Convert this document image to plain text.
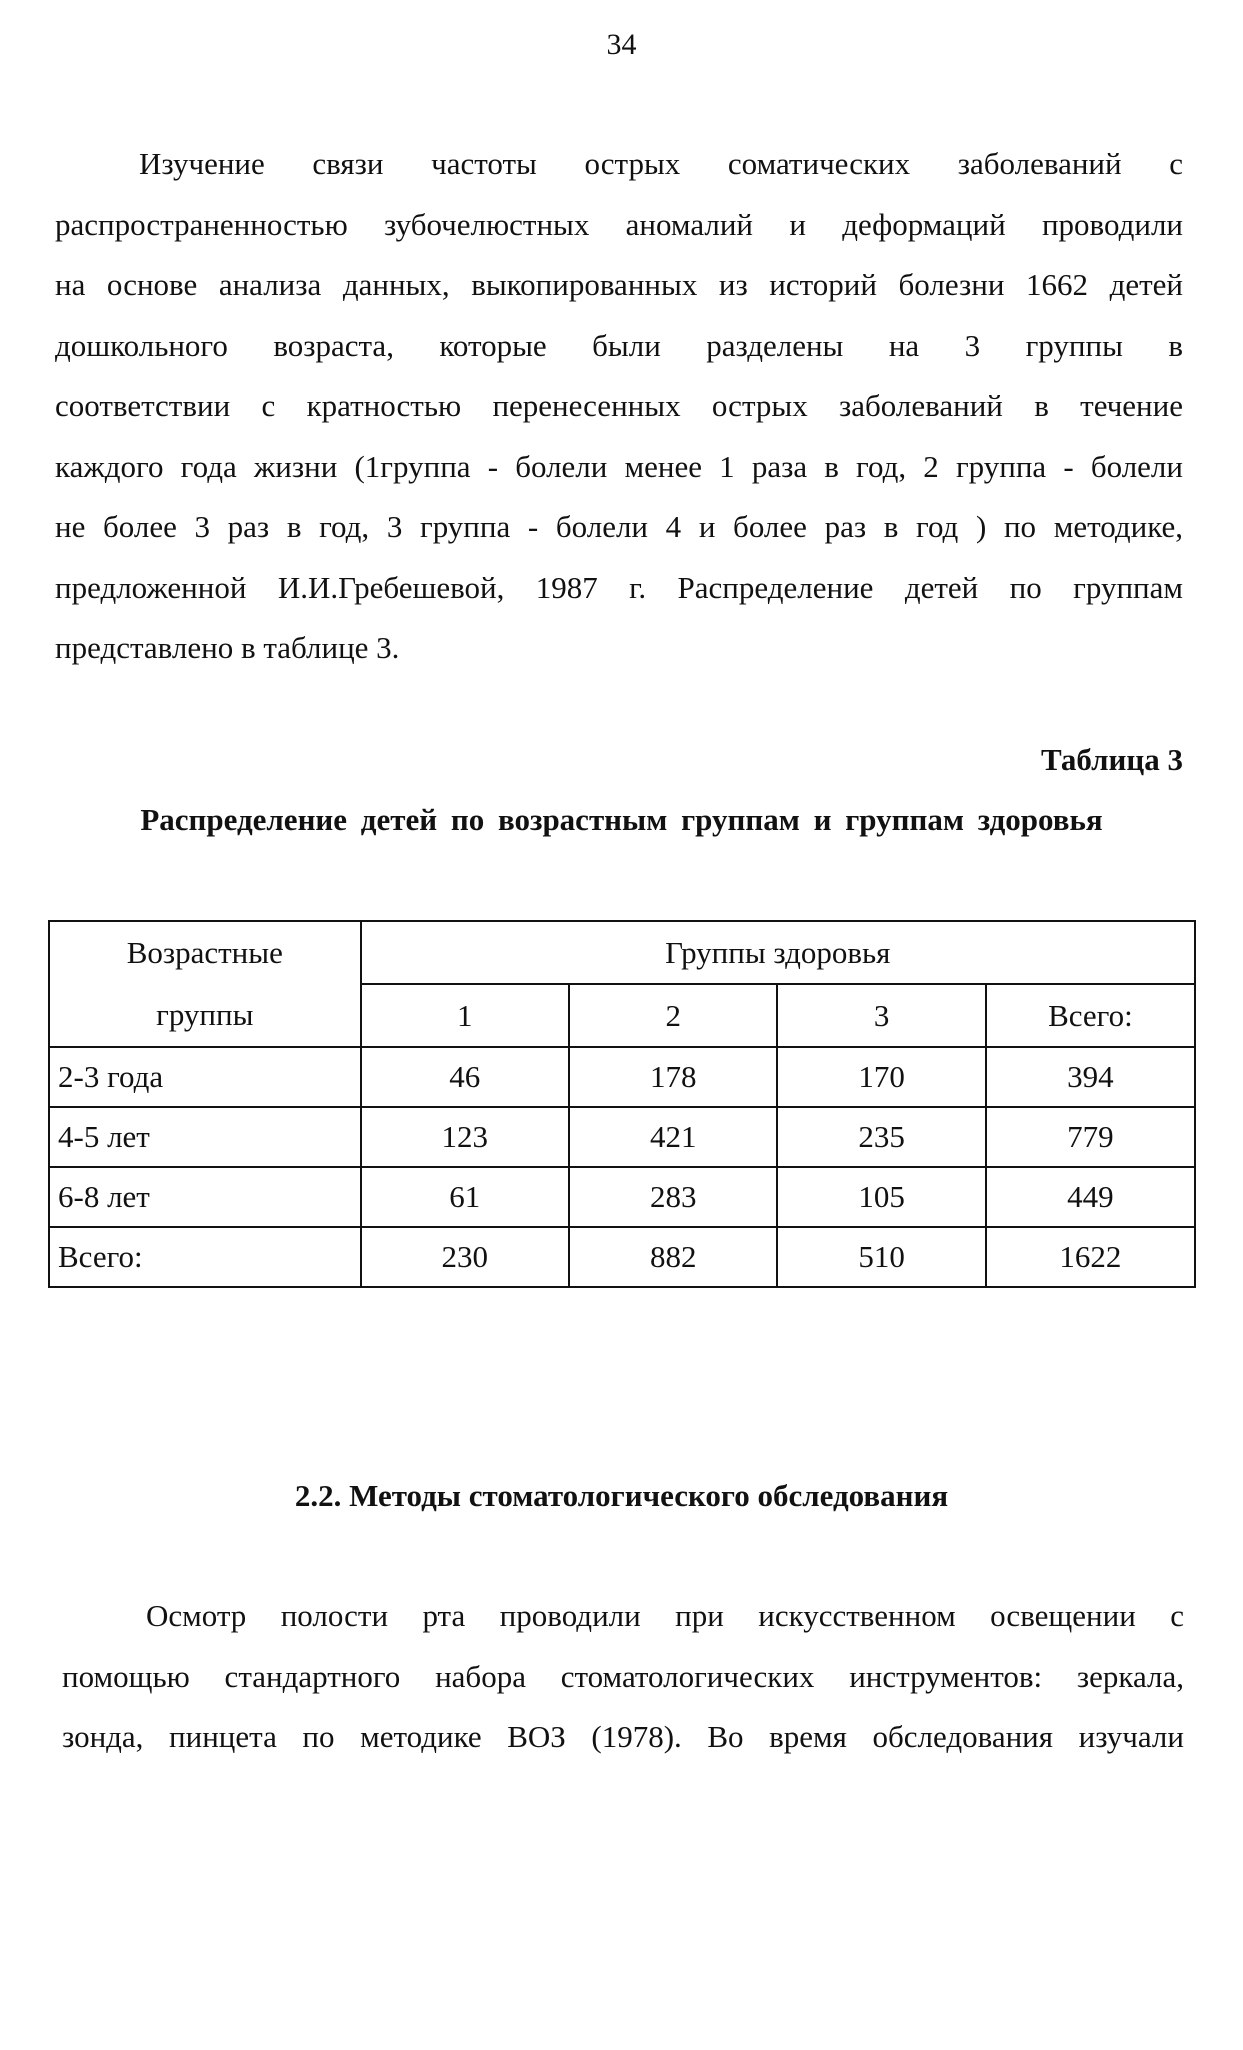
34
Изучение связи частоты острых соматических заболеваний с
распространенностью зубочелюстных аномалий и деформаций проводили
на основе анализа данных, выкопированных из историй болезни 1662 детей
дошкольного возраста, которые были разделены на 3 группы в
соответствии с кратностью перенесенных острых заболеваний в течение
каждого года жизни (1группа - болели менее 1 раза в год, 2 группа - болели
не более 3 раз в год, 3 группа - болели 4 и более раз в год ) по методике,
предложенной И.И.Гребешевой, 1987 г. Распределение детей по группам
представлено в таблице 3.
Таблица 3
Распределение детей по возрастным группам и группам здоровья
Возрастные
группы	Группы здоровья			
	1	2	3	Всего:
2-3 года	46	178	170	394
4-5 лет	123	421	235	779
6-8 лет	61	283	105	449
Всего:	230	882	510	1622
2.2. Методы стоматологического обследования
Осмотр полости рта проводили при искусственном освещении с
помощью стандартного набора стоматологических инструментов: зеркала,
зонда, пинцета по методике ВОЗ (1978). Во время обследования изучали
